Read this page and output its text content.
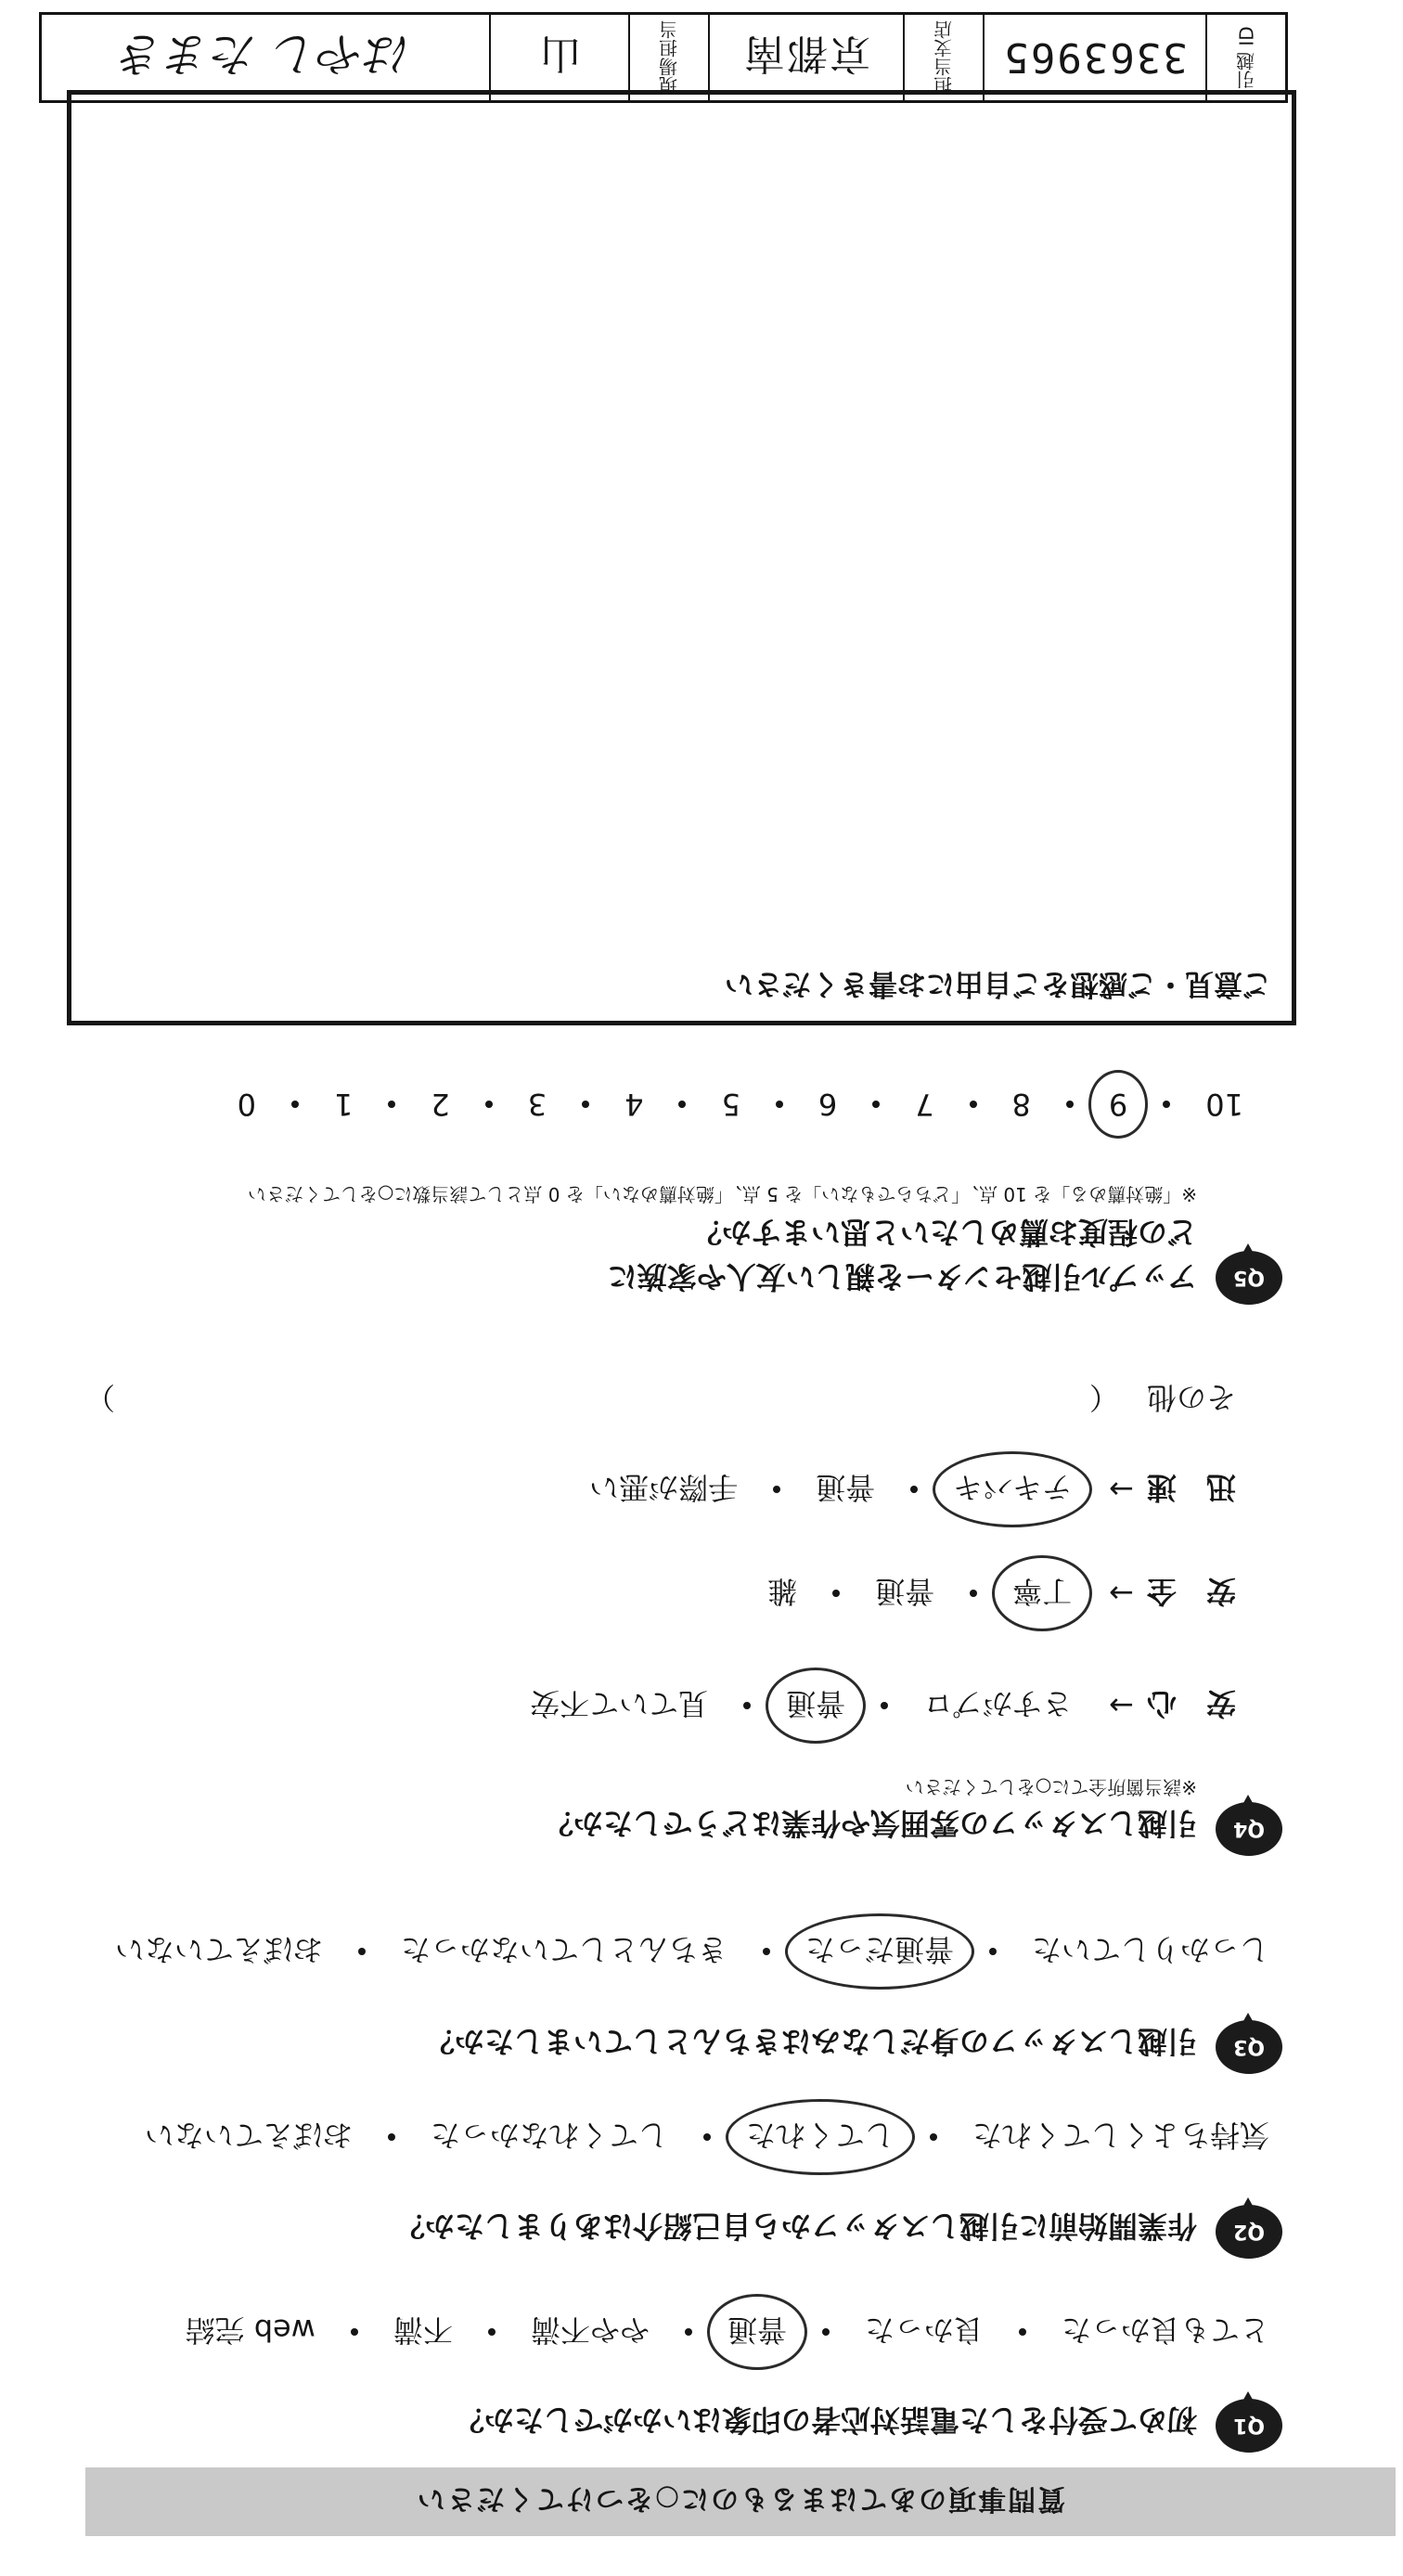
質問事項のあてはまるものに○をつけてください
Q1
初めて受付をした電話対応者の印象はいかがでしたか？
とても良かった
良かった
普通
やや不満
不満
web 完結
Q2
作業開始前に引越しスタッフから自己紹介はありましたか？
気持ちよくしてくれた
してくれた
してくれなかった
おぼえていない
Q3
引越しスタッフの身だしなみはきちんとしていましたか？
しっかりしていた
普通だった
きちんとしていなかった
おぼえていない
Q4
引越しスタッフの雰囲気や作業はどうでしたか？
※該当箇所全てに○をしてください
安　心
→
さすがプロ
普通
見ていて不安
安　全
→
丁寧
普通
雑
迅　速
→
テキパキ
普通
手際が悪い
その他
（
）
Q5
アップル引越センターを親しい友人や家族に
どの程度お薦めしたいと思いますか？
※「絶対薦める」を 10 点、「どちらでもない」を 5 点、「絶対薦めない」を 0 点として該当数に○をしてください
10
9
8
7
6
5
4
3
2
1
0
ご意見・ご感想をご自由にお書きください
引越 ID
3363965
担当支店
京都南
現場担当
山
はやし たまき
